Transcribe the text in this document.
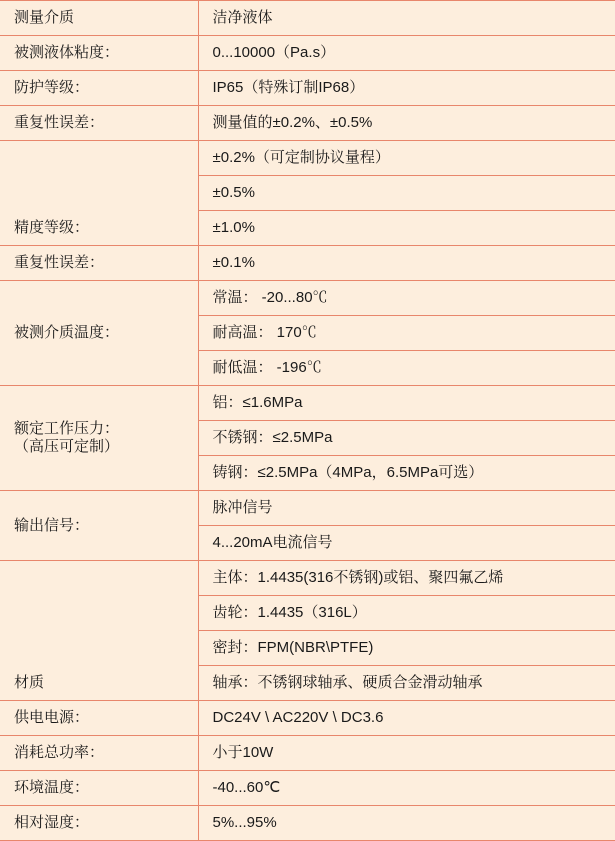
测量介质	洁净液体

被测液体粘度：	0...10000（Pa.s）

防护等级：	IP65（特殊订制IP68）

重复性误差：	测量值的±0.2%、±0.5%

精度等级：	±0.2%（可定制协议量程）
	±0.5%
	±1.0%

重复性误差：	±0.1%

被测介质温度：	常温： -20...80℃
	耐高温： 170℃
	耐低温： -196℃

额定工作压力：
（高压可定制）	铝：≤1.6MPa
	不锈钢：≤2.5MPa
	铸钢：≤2.5MPa（4MPa，6.5MPa可选）

输出信号：	脉冲信号
	4...20mA电流信号

材质	主体：1.4435(316不锈钢)或铝、聚四氟乙烯
	齿轮：1.4435（316L）
	密封：FPM(NBR\PTFE)
	轴承：不锈钢球轴承、硬质合金滑动轴承

供电电源：	DC24V \ AC220V \ DC3.6

消耗总功率：	小于10W

环境温度：	-40...60℃

相对湿度：	5%...95%
